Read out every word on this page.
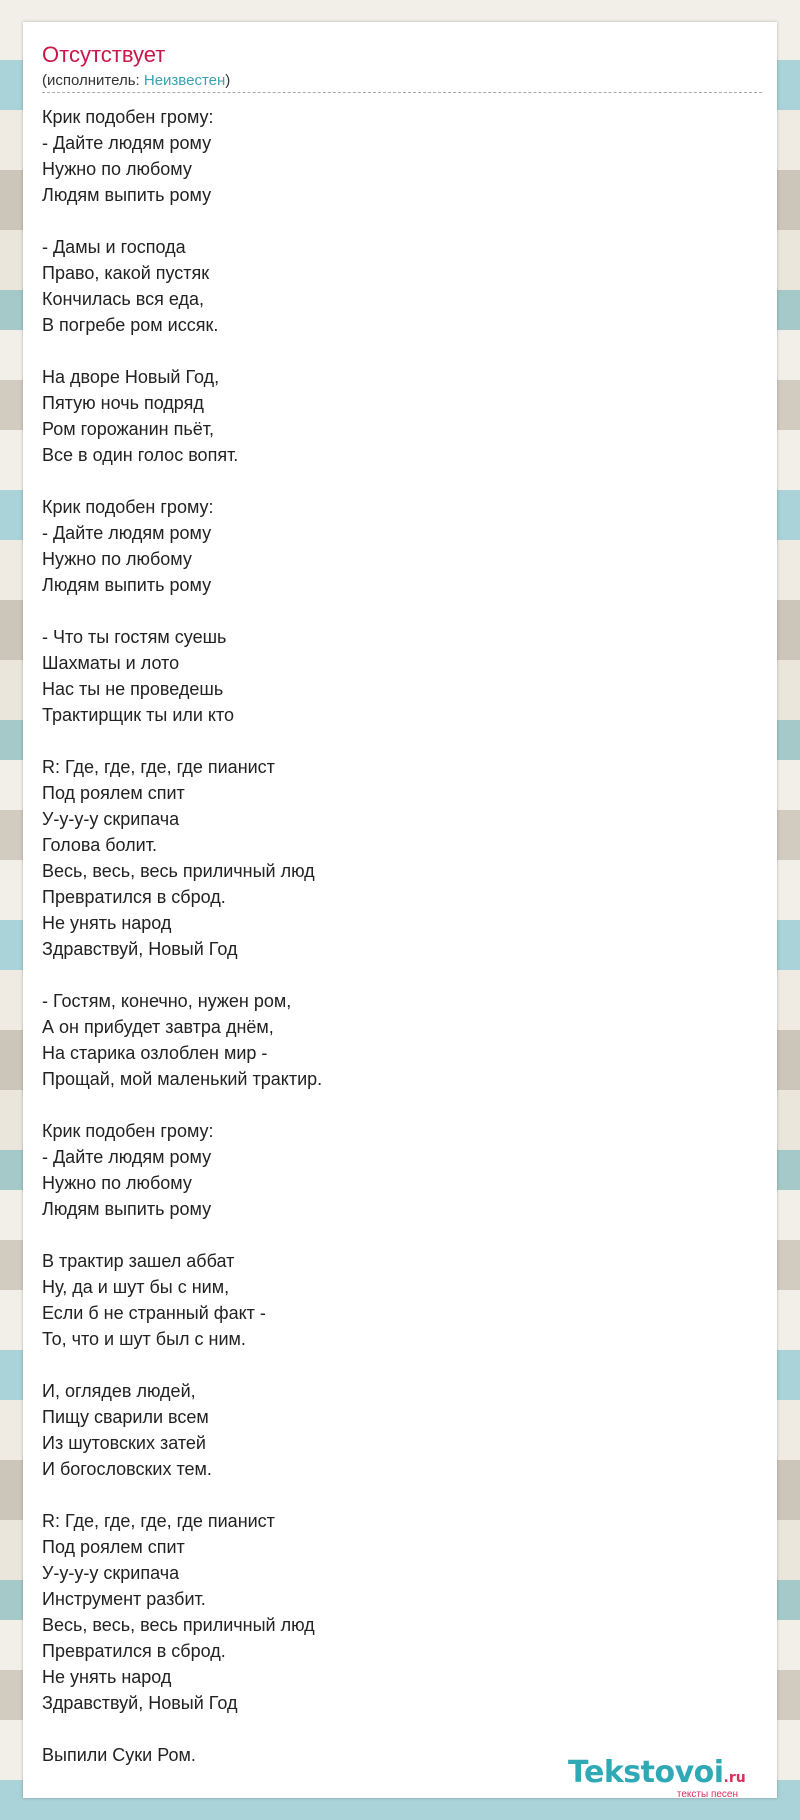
Отсутствует
(исполнитель: Неизвестен)
Крик подобен грому:
- Дайте людям рому
Нужно по любому
Людям выпить рому
- Дамы и господа
Право, какой пустяк
Кончилась вся еда,
В погребе ром иссяк.
На дворе Новый Год,
Пятую ночь подряд
Ром горожанин пьёт,
Все в один голос вопят.
Крик подобен грому:
- Дайте людям рому
Нужно по любому
Людям выпить рому
- Что ты гостям суешь
Шахматы и лото
Нас ты не проведешь
Трактирщик ты или кто
R: Где, где, где, где пианист
Под роялем спит
У-у-у-у скрипача
Голова болит.
Весь, весь, весь приличный люд
Превратился в сброд.
Не унять народ
Здравствуй, Новый Год
- Гостям, конечно, нужен ром,
А он прибудет завтра днём,
На старика озлоблен мир -
Прощай, мой маленький трактир.
Крик подобен грому:
- Дайте людям рому
Нужно по любому
Людям выпить рому
В трактир зашел аббат
Ну, да и шут бы с ним,
Если б не странный факт -
То, что и шут был с ним.
И, оглядев людей,
Пищу сварили всем
Из шутовских затей
И богословских тем.
R: Где, где, где, где пианист
Под роялем спит
У-у-у-у скрипача
Инструмент разбит.
Весь, весь, весь приличный люд
Превратился в сброд.
Не унять народ
Здравствуй, Новый Год
Выпили Суки Ром.	Tekstovoi.ru
тексты песен
